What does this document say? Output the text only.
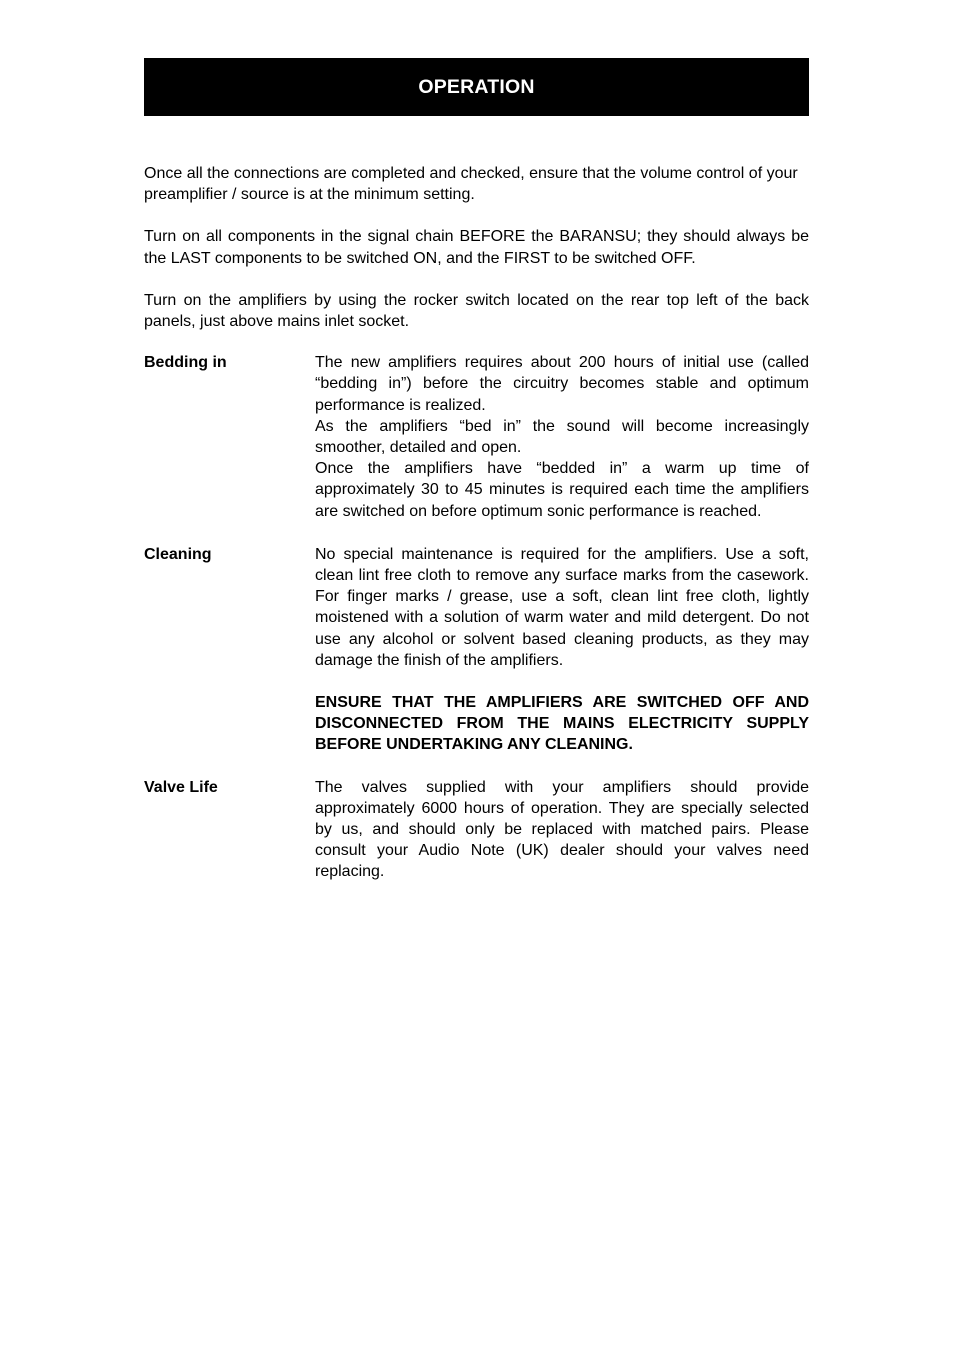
OPERATION

Once all the connections are completed and checked, ensure that the volume control of your preamplifier / source is at the minimum setting.

Turn on all components in the signal chain BEFORE the BARANSU; they should always be the LAST components to be switched ON, and the FIRST to be switched OFF.

Turn on the amplifiers by using the rocker switch located on the rear top left of the back panels, just above mains inlet socket.

Bedding in	The new amplifiers requires about 200 hours of initial use (called “bedding in”) before the circuitry becomes stable and optimum performance is realized.

As the amplifiers “bed in” the sound will become increasingly smoother, detailed and open.

Once the amplifiers have “bedded in” a warm up time of approximately 30 to 45 minutes is required each time the amplifiers are switched on before optimum sonic performance is reached.

Cleaning	No special maintenance is required for the amplifiers. Use a soft, clean lint free cloth to remove any surface marks from the casework. For finger marks / grease, use a soft, clean lint free cloth, lightly moistened with a solution of warm water and mild detergent. Do not use any alcohol or solvent based cleaning products, as they may damage the finish of the amplifiers.

ENSURE THAT THE AMPLIFIERS ARE SWITCHED OFF AND DISCONNECTED FROM THE MAINS ELECTRICITY SUPPLY BEFORE UNDERTAKING ANY CLEANING.

Valve Life	The valves supplied with your amplifiers should provide approximately 6000 hours of operation. They are specially selected by us, and should only be replaced with matched pairs. Please consult your Audio Note (UK) dealer should your valves need replacing.
